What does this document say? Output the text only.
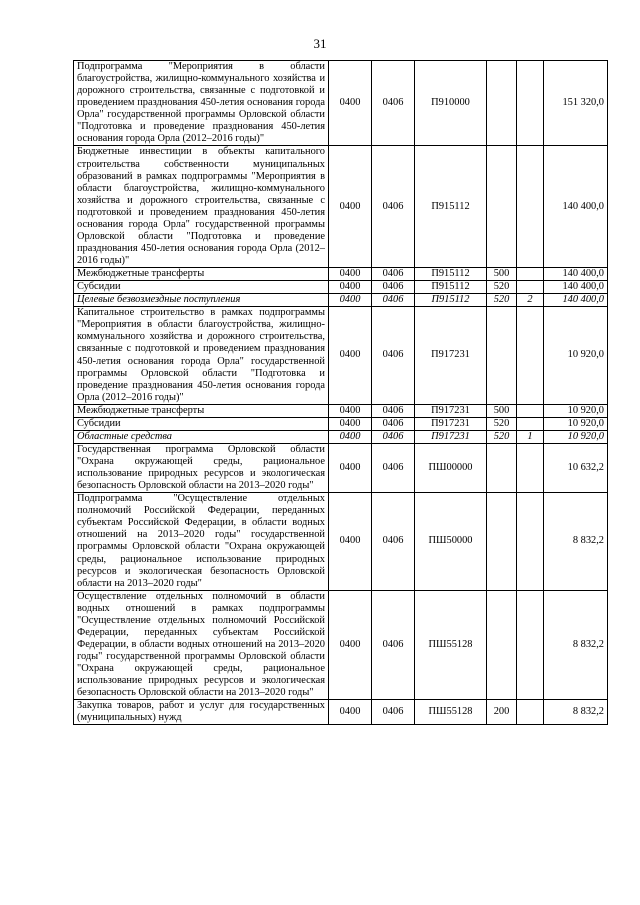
31
Подпрограмма "Мероприятия в области благоустройства, жилищно-коммунального хозяйства и дорожного строительства, связанные с подготовкой и проведением празднования 450-летия основания города Орла" государственной программы Орловской области "Подготовка и проведение празднования 450-летия основания города Орла (2012–2016 годы)"	0400	0406	П910000			151 320,0
Бюджетные инвестиции в объекты капитального строительства собственности муниципальных образований в рамках подпрограммы "Мероприятия в области благоустройства, жилищно-коммунального хозяйства и дорожного строительства, связанные с подготовкой и проведением празднования 450-летия основания города Орла" государственной программы Орловской области "Подготовка и проведение празднования 450-летия основания города Орла (2012–2016 годы)"	0400	0406	П915112			140 400,0
Межбюджетные трансферты	0400	0406	П915112	500		140 400,0
Субсидии	0400	0406	П915112	520		140 400,0
Целевые безвозмездные поступления	0400	0406	П915112	520	2	140 400,0
Капитальное строительство в рамках подпрограммы "Мероприятия в области благоустройства, жилищно-коммунального хозяйства и дорожного строительства, связанные с подготовкой и проведением празднования 450-летия основания города Орла" государственной программы Орловской области "Подготовка и проведение празднования 450-летия основания города Орла (2012–2016 годы)"	0400	0406	П917231			10 920,0
Межбюджетные трансферты	0400	0406	П917231	500		10 920,0
Субсидии	0400	0406	П917231	520		10 920,0
Областные средства	0400	0406	П917231	520	1	10 920,0
Государственная программа Орловской области "Охрана окружающей среды, рациональное использование природных ресурсов и экологическая безопасность Орловской области на 2013–2020 годы"	0400	0406	ПШ00000			10 632,2
Подпрограмма "Осуществление отдельных полномочий Российской Федерации, переданных субъектам Российской Федерации, в области водных отношений на 2013–2020 годы" государственной программы Орловской области "Охрана окружающей среды, рациональное использование природных ресурсов и экологическая безопасность Орловской области на 2013–2020 годы"	0400	0406	ПШ50000			8 832,2
Осуществление отдельных полномочий в области водных отношений в рамках подпрограммы "Осуществление отдельных полномочий Российской Федерации, переданных субъектам Российской Федерации, в области водных отношений на 2013–2020 годы" государственной программы Орловской области "Охрана окружающей среды, рациональное использование природных ресурсов и экологическая безопасность Орловской области на 2013–2020 годы"	0400	0406	ПШ55128			8 832,2
Закупка товаров, работ и услуг для государственных (муниципальных) нужд	0400	0406	ПШ55128	200		8 832,2
